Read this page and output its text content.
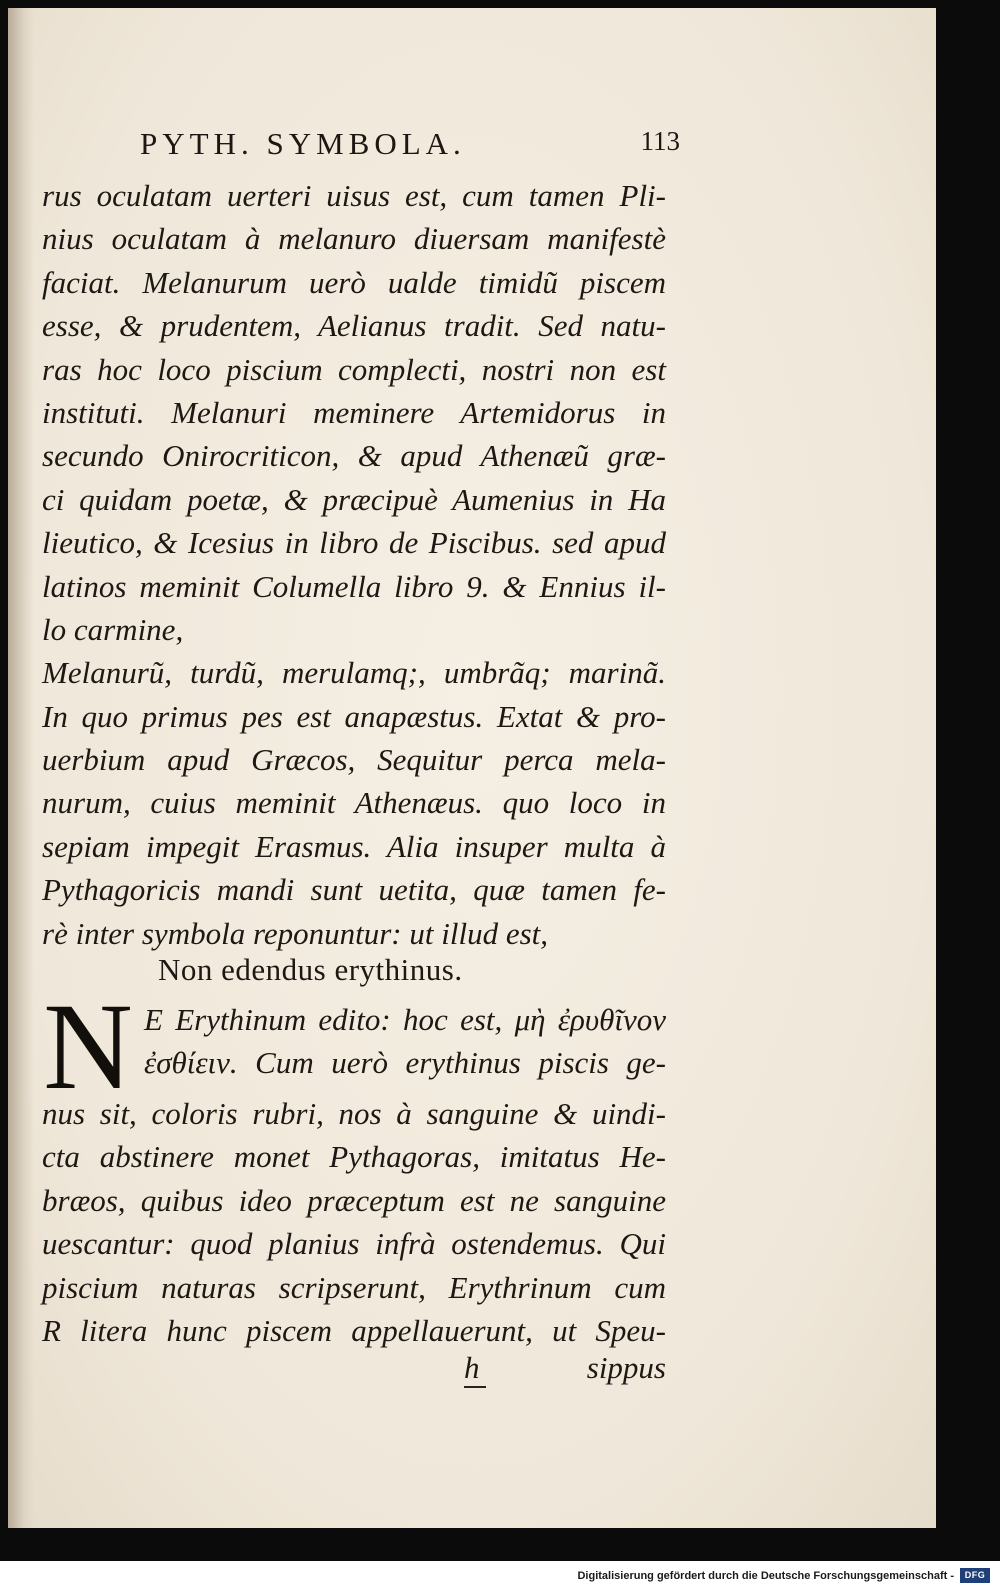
PYTH. SYMBOLA.	113
rus oculatam uerteri uisus est, cum tamen Pli-
nius oculatam à melanuro diuersam manifestè
faciat. Melanurum uerò ualde timidũ piscem
esse, & prudentem, Aelianus tradit. Sed natu-
ras hoc loco piscium complecti, nostri non est
instituti. Melanuri meminere Artemidorus in
secundo Onirocriticon, & apud Athenæũ græ-
ci quidam poetæ, & præcipuè Aumenius in Ha
lieutico, & Icesius in libro de Piscibus. sed apud
latinos meminit Columella libro 9. & Ennius il-
lo carmine,
Melanurũ, turdũ, merulamq;, umbrãq; marinã.
In quo primus pes est anapæstus. Extat & pro-
uerbium apud Græcos, Sequitur perca mela-
nurum, cuius meminit Athenæus. quo loco in
sepiam impegit Erasmus. Alia insuper multa à
Pythagoricis mandi sunt uetita, quæ tamen fe-
rè inter symbola reponuntur: ut illud est,
Non edendus erythinus.
N E Erythinum edito: hoc est, μὴ ἐρυθῖνον
ἐσθίειν. Cum uerò erythinus piscis ge-
nus sit, coloris rubri, nos à sanguine & uindi-
cta abstinere monet Pythagoras, imitatus He-
bræos, quibus ideo præceptum est ne sanguine
uescantur: quod planius infrà ostendemus. Qui
piscium naturas scripserunt, Erythrinum cum
R litera hunc piscem appellauerunt, ut Speu-
h	sippus
Digitalisierung gefördert durch die Deutsche Forschungsgemeinschaft -	DFG
